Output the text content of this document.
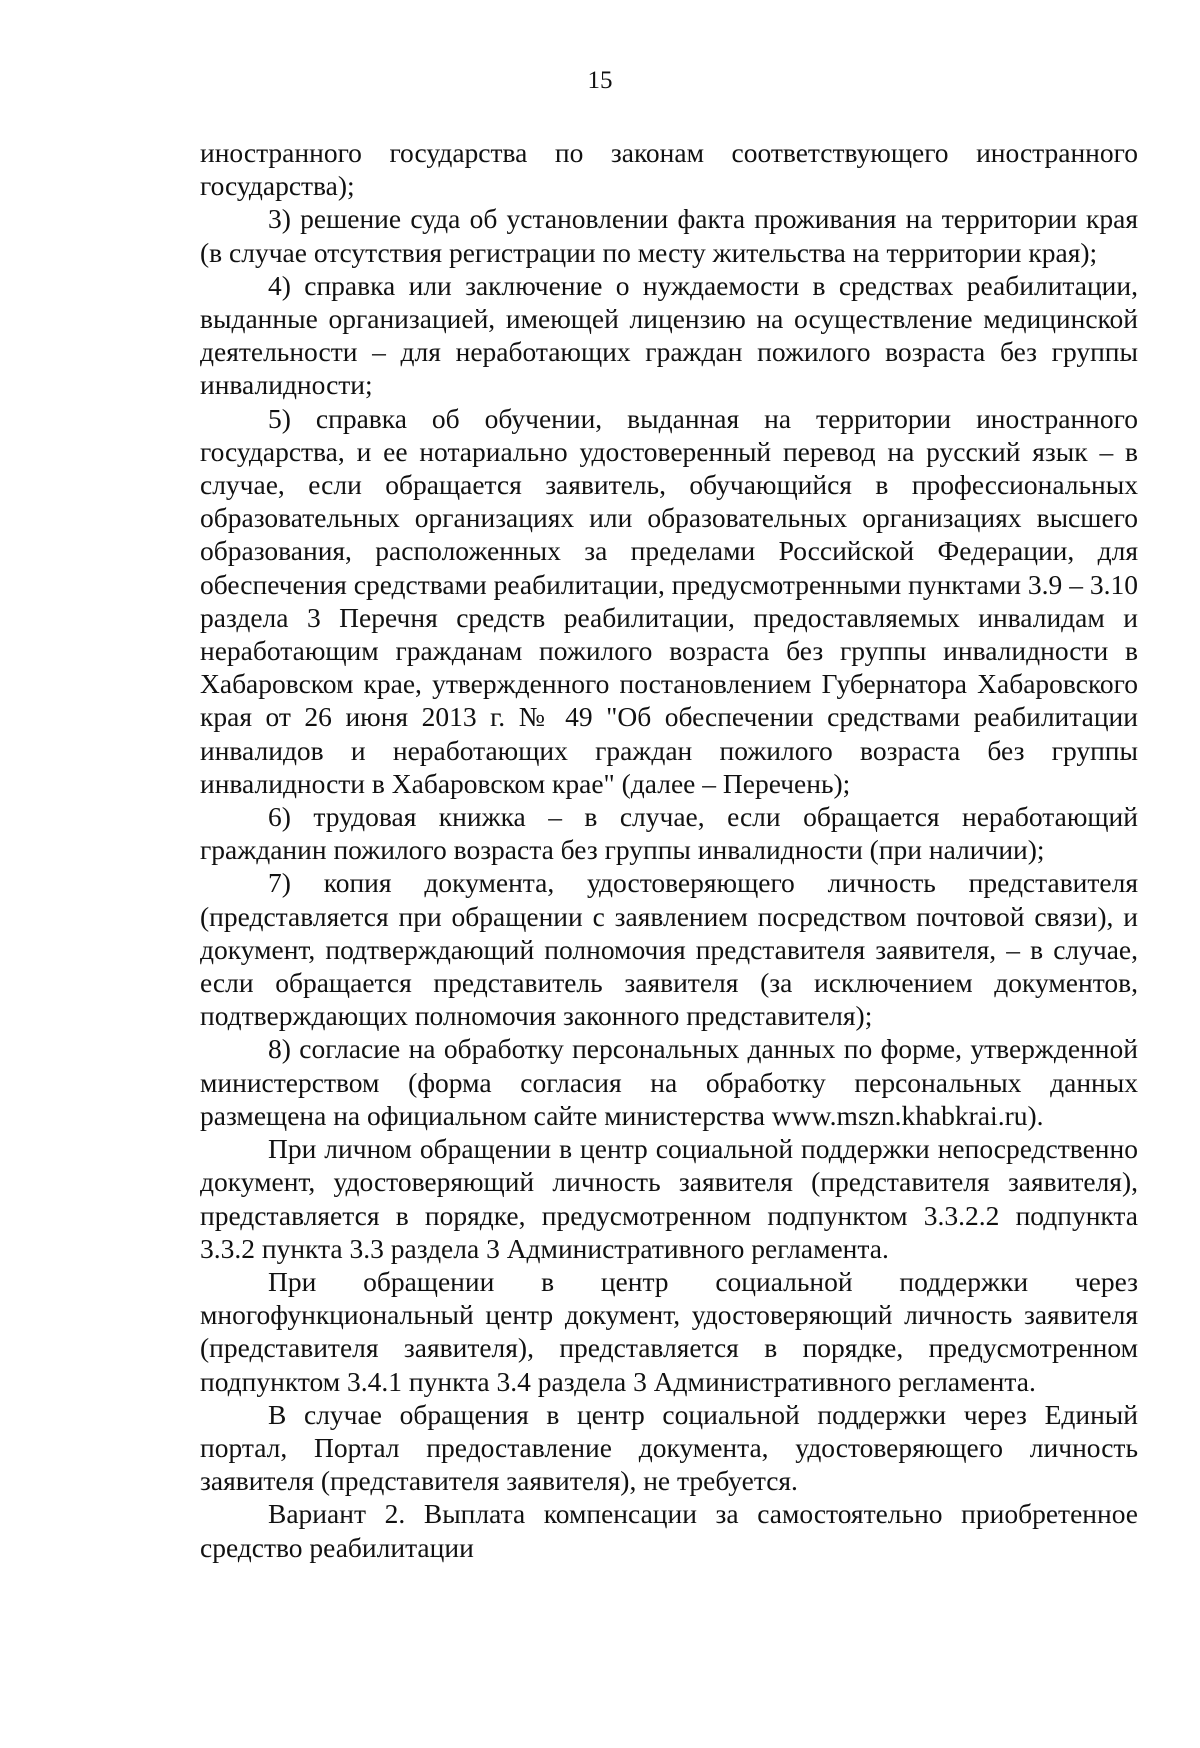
15

иностранного государства по законам соответствующего иностранного государства);

3) решение суда об установлении факта проживания на территории края (в случае отсутствия регистрации по месту жительства на территории края);

4) справка или заключение о нуждаемости в средствах реабилитации, выданные организацией, имеющей лицензию на осуществление медицинской деятельности – для неработающих граждан пожилого возраста без группы инвалидности;

5) справка об обучении, выданная на территории иностранного государства, и ее нотариально удостоверенный перевод на русский язык – в случае, если обращается заявитель, обучающийся в профессиональных образовательных организациях или образовательных организациях высшего образования, расположенных за пределами Российской Федерации, для обеспечения средствами реабилитации, предусмотренными пунктами 3.9 – 3.10 раздела 3 Перечня средств реабилитации, предоставляемых инвалидам и неработающим гражданам пожилого возраста без группы инвалидности в Хабаровском крае, утвержденного постановлением Губернатора Хабаровского края от 26 июня 2013 г. № 49 "Об обеспечении средствами реабилитации инвалидов и неработающих граждан пожилого возраста без группы инвалидности в Хабаровском крае" (далее – Перечень);

6) трудовая книжка – в случае, если обращается неработающий гражданин пожилого возраста без группы инвалидности (при наличии);

7) копия документа, удостоверяющего личность представителя (представляется при обращении с заявлением посредством почтовой связи), и документ, подтверждающий полномочия представителя заявителя, – в случае, если обращается представитель заявителя (за исключением документов, подтверждающих полномочия законного представителя);

8) согласие на обработку персональных данных по форме, утвержденной министерством (форма согласия на обработку персональных данных размещена на официальном сайте министерства www.mszn.khabkrai.ru).

При личном обращении в центр социальной поддержки непосредственно документ, удостоверяющий личность заявителя (представителя заявителя), представляется в порядке, предусмотренном подпунктом 3.3.2.2 подпункта 3.3.2 пункта 3.3 раздела 3 Административного регламента.

При обращении в центр социальной поддержки через многофункциональный центр документ, удостоверяющий личность заявителя (представителя заявителя), представляется в порядке, предусмотренном подпунктом 3.4.1 пункта 3.4 раздела 3 Административного регламента.

В случае обращения в центр социальной поддержки через Единый портал, Портал предоставление документа, удостоверяющего личность заявителя (представителя заявителя), не требуется.

Вариант 2. Выплата компенсации за самостоятельно приобретенное средство реабилитации
